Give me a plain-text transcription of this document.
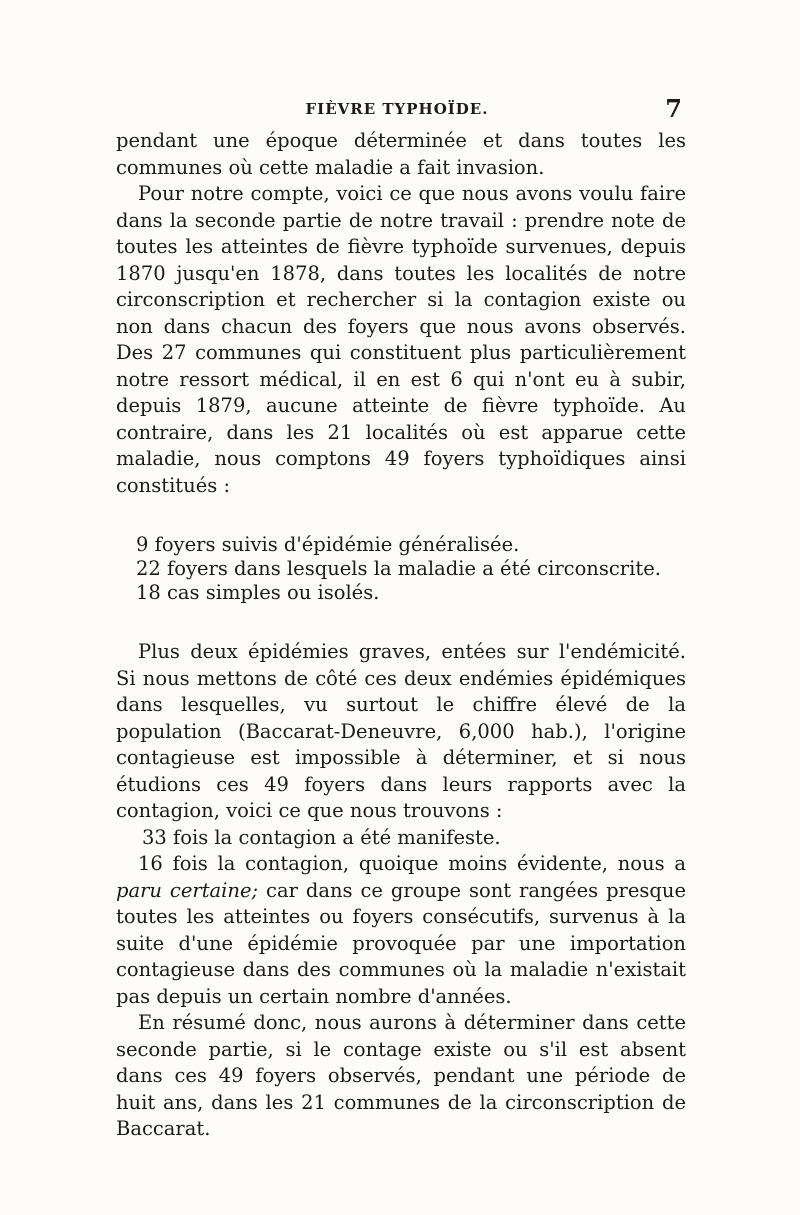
FIÈVRE TYPHOÏDE.	7

pendant une époque déterminée et dans toutes les communes où cette maladie a fait invasion.

Pour notre compte, voici ce que nous avons voulu faire dans la seconde partie de notre travail : prendre note de toutes les atteintes de fièvre typhoïde survenues, depuis 1870 jusqu'en 1878, dans toutes les localités de notre circonscription et rechercher si la contagion existe ou non dans chacun des foyers que nous avons observés. Des 27 communes qui constituent plus particulièrement notre ressort médical, il en est 6 qui n'ont eu à subir, depuis 1879, aucune atteinte de fièvre typhoïde. Au contraire, dans les 21 localités où est apparue cette maladie, nous comptons 49 foyers typhoïdiques ainsi constitués :

9 foyers suivis d'épidémie généralisée.
22 foyers dans lesquels la maladie a été circonscrite.
18 cas simples ou isolés.

Plus deux épidémies graves, entées sur l'endémicité. Si nous mettons de côté ces deux endémies épidémiques dans lesquelles, vu surtout le chiffre élevé de la population (Baccarat-Deneuvre, 6,000 hab.), l'origine contagieuse est impossible à déterminer, et si nous étudions ces 49 foyers dans leurs rapports avec la contagion, voici ce que nous trouvons :

33 fois la contagion a été manifeste.

16 fois la contagion, quoique moins évidente, nous a paru certaine; car dans ce groupe sont rangées presque toutes les atteintes ou foyers consécutifs, survenus à la suite d'une épidémie provoquée par une importation contagieuse dans des communes où la maladie n'existait pas depuis un certain nombre d'années.

En résumé donc, nous aurons à déterminer dans cette seconde partie, si le contage existe ou s'il est absent dans ces 49 foyers observés, pendant une période de huit ans, dans les 21 communes de la circonscription de Baccarat.
